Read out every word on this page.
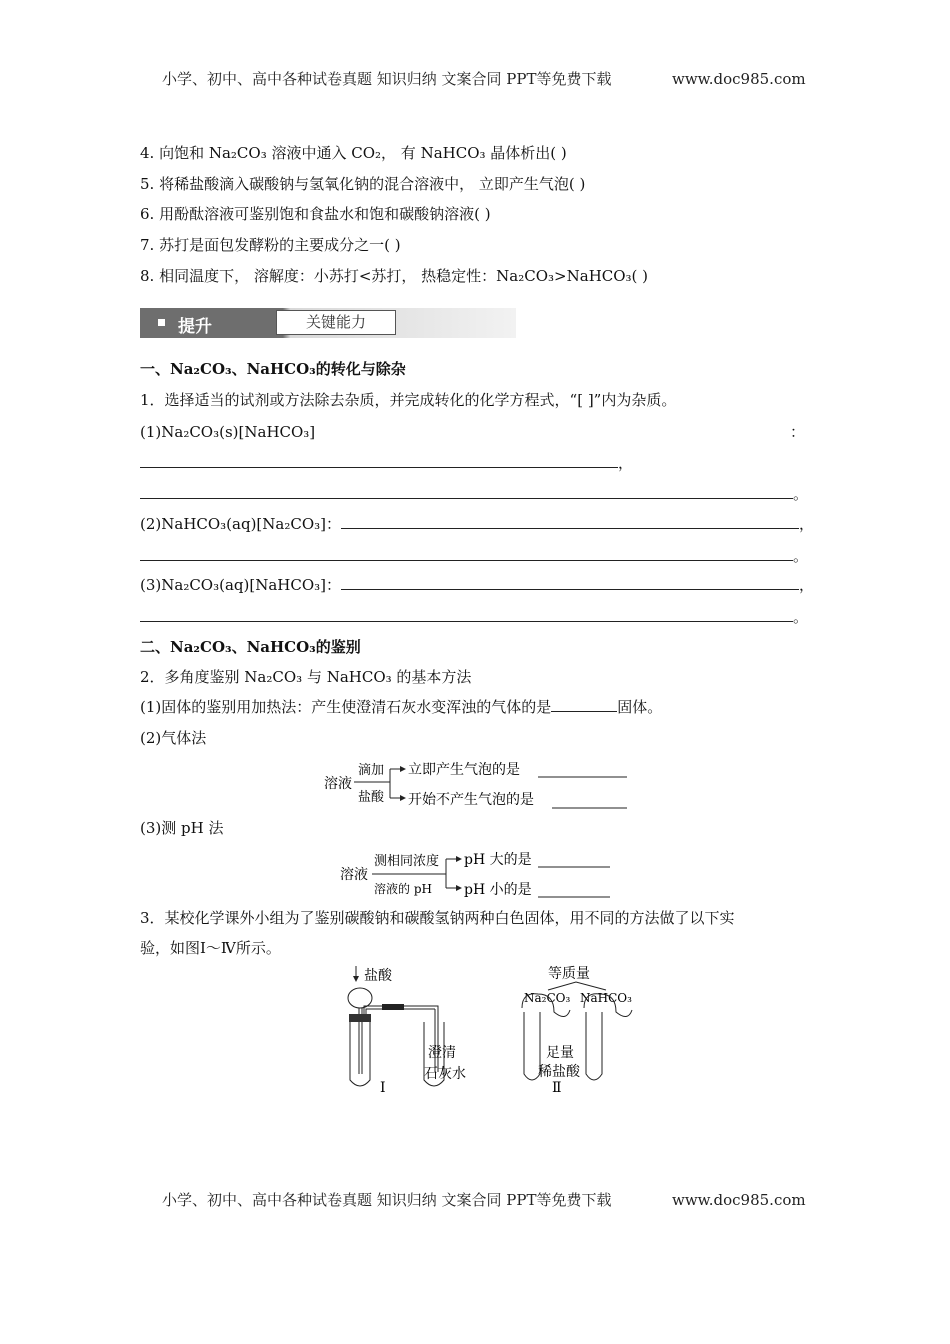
小学、初中、高中各种试卷真题 知识归纳 文案合同 PPT等免费下载	www.doc985.com
4. 向饱和 Na₂CO₃ 溶液中通入 CO₂， 有 NaHCO₃ 晶体析出( )
5. 将稀盐酸滴入碳酸钠与氢氧化钠的混合溶液中， 立即产生气泡( )
6. 用酚酞溶液可鉴别饱和食盐水和饱和碳酸钠溶液( )
7. 苏打是面包发酵粉的主要成分之一( )
8. 相同温度下， 溶解度：小苏打<苏打， 热稳定性：Na₂CO₃>NaHCO₃( )
提升	关键能力
一、Na₂CO₃、NaHCO₃的转化与除杂
1．选择适当的试剂或方法除去杂质，并完成转化的化学方程式，“[ ]”内为杂质。
(1)Na₂CO₃(s)[NaHCO₃]	：
，
。
(2)NaHCO₃(aq)[Na₂CO₃]：	，
。
(3)Na₂CO₃(aq)[NaHCO₃]：	，
。
二、Na₂CO₃、NaHCO₃的鉴别
2．多角度鉴别 Na₂CO₃ 与 NaHCO₃ 的基本方法
(1)固体的鉴别用加热法：产生使澄清石灰水变浑浊的气体的是	固体。
(2)气体法
溶液
滴加
盐酸
立即产生气泡的是
开始不产生气泡的是
(3)测 pH 法
溶液
测相同浓度
溶液的 pH
pH 大的是
pH 小的是
3．某校化学课外小组为了鉴别碳酸钠和碳酸氢钠两种白色固体，用不同的方法做了以下实
验，如图Ⅰ～Ⅳ所示。
盐酸
澄清
石灰水
Ⅰ
等质量
Na₂CO₃ NaHCO₃
足量
稀盐酸
Ⅱ
小学、初中、高中各种试卷真题 知识归纳 文案合同 PPT等免费下载	www.doc985.com
